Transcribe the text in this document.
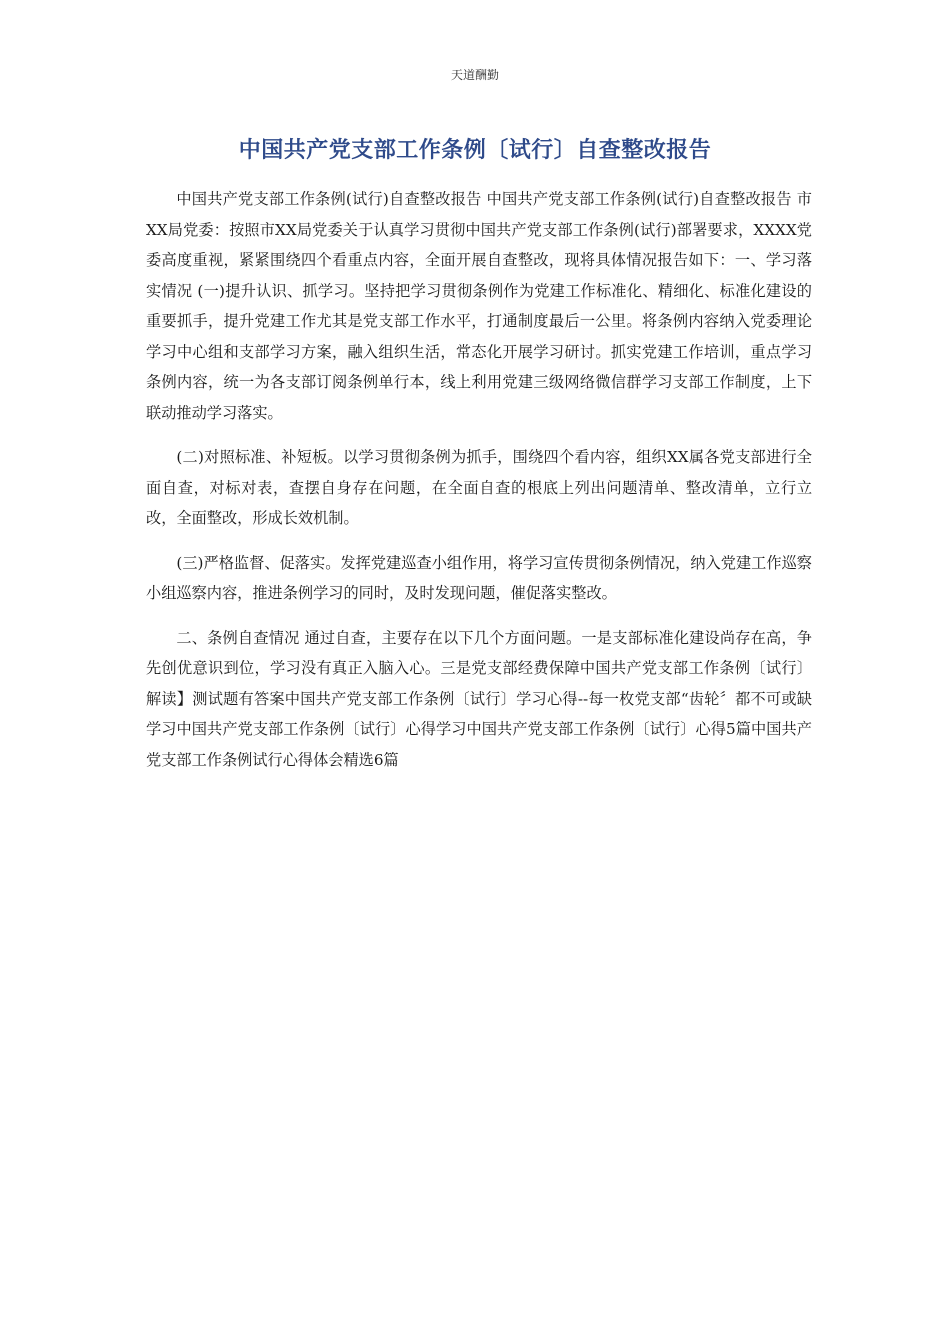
天道酬勤
中国共产党支部工作条例〔试行〕自查整改报告

中国共产党支部工作条例(试行)自查整改报告 中国共产党支部工作条例(试行)自查整改报告 市XX局党委：按照市XX局党委关于认真学习贯彻中国共产党支部工作条例(试行)部署要求，XXXX党委高度重视，紧紧围绕四个看重点内容，全面开展自查整改，现将具体情况报告如下：一、学习落实情况 (一)提升认识、抓学习。坚持把学习贯彻条例作为党建工作标准化、精细化、标准化建设的重要抓手，提升党建工作尤其是党支部工作水平，打通制度最后一公里。将条例内容纳入党委理论学习中心组和支部学习方案，融入组织生活，常态化开展学习研讨。抓实党建工作培训，重点学习条例内容，统一为各支部订阅条例单行本，线上利用党建三级网络微信群学习支部工作制度，上下联动推动学习落实。

(二)对照标准、补短板。以学习贯彻条例为抓手，围绕四个看内容，组织XX属各党支部进行全面自查，对标对表，查摆自身存在问题，在全面自查的根底上列出问题清单、整改清单，立行立改，全面整改，形成长效机制。

(三)严格监督、促落实。发挥党建巡查小组作用，将学习宣传贯彻条例情况，纳入党建工作巡察小组巡察内容，推进条例学习的同时，及时发现问题，催促落实整改。

二、条例自查情况 通过自查，主要存在以下几个方面问题。一是支部标准化建设尚存在高，争先创优意识到位，学习没有真正入脑入心。三是党支部经费保障中国共产党支部工作条例〔试行〕解读】测试题有答案中国共产党支部工作条例〔试行〕学习心得--每一枚党支部“齿轮〞都不可或缺学习中国共产党支部工作条例〔试行〕心得学习中国共产党支部工作条例〔试行〕心得5篇中国共产党支部工作条例试行心得体会精选6篇
